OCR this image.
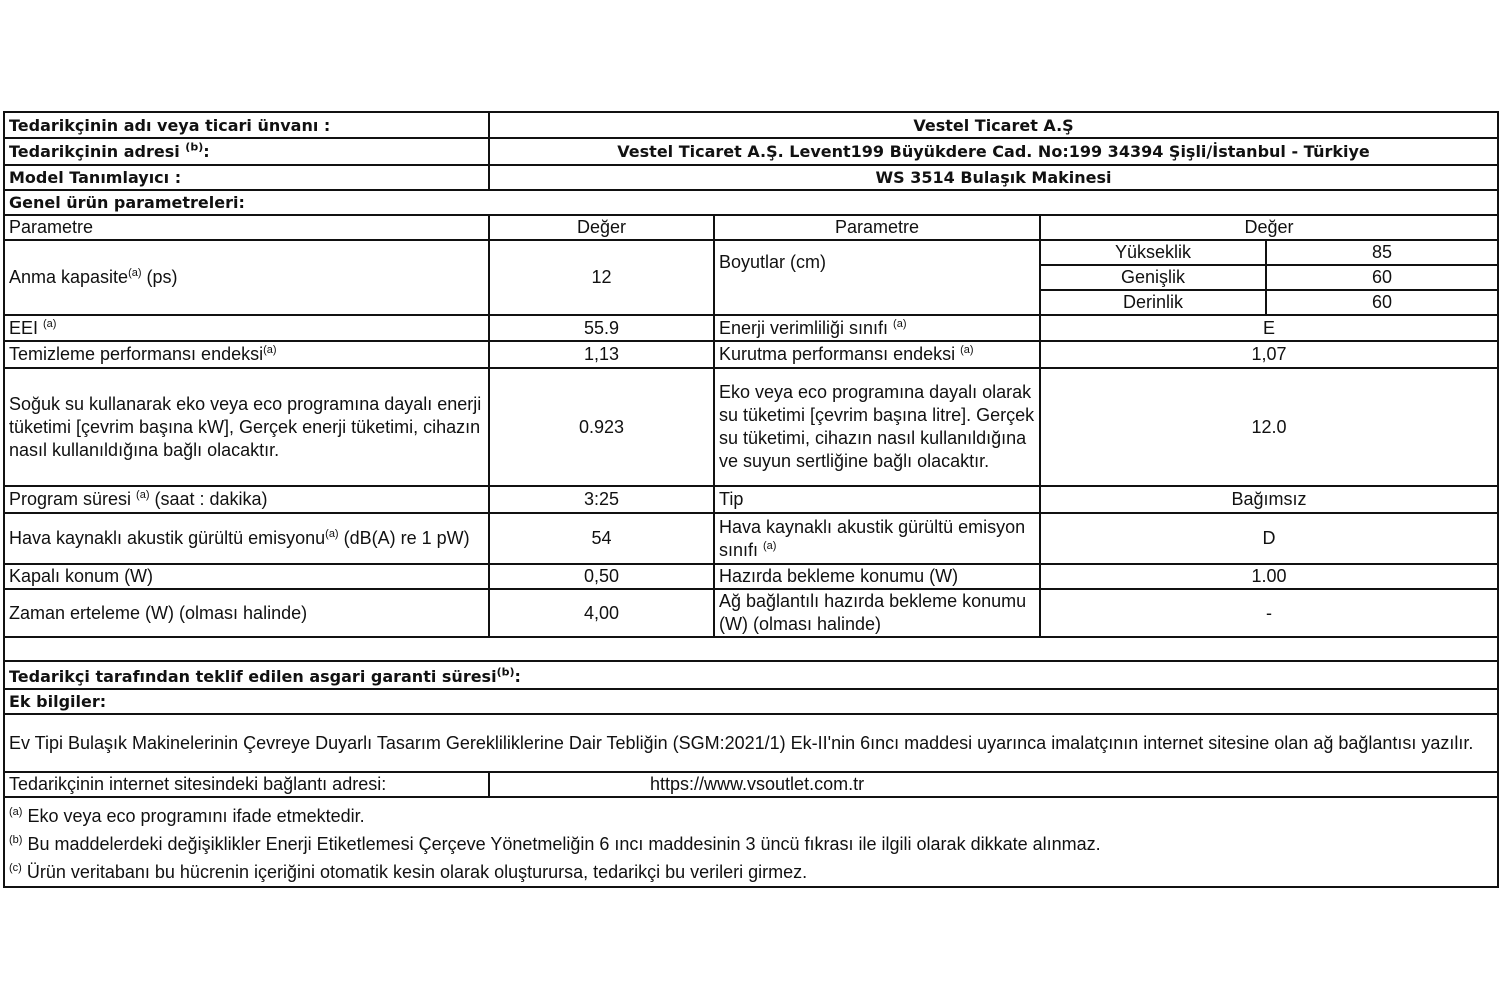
Tedarikçinin adı veya ticari ünvanı :	Vestel Ticaret A.Ş			
Tedarikçinin adresi $^{(b)}$:	Vestel Ticaret A.Ş. Levent199 Büyükdere Cad. No:199 34394 Şişli/İstanbul - Türkiye			
Model Tanımlayıcı :	WS 3514 Bulaşık Makinesi			
Genel ürün parametreleri:				
Parametre	Değer	Parametre	Değer	
Anma kapasite$^{(a)}$ (ps)	12	Boyutlar (cm)	Yükseklik	85
			Genişlik	60
			Derinlik	60
EEI $^{(a)}$	55.9	Enerji verimliliği sınıfı $^{(a)}$	E	
Temizleme performansı endeksi$^{(a)}$	1,13	Kurutma performansı endeksi $^{(a)}$	1,07	
Soğuk su kullanarak eko veya eco programına dayalı enerji tüketimi [çevrim başına kW], Gerçek enerji tüketimi, cihazın nasıl kullanıldığına bağlı olacaktır.	0.923	Eko veya eco programına dayalı olarak su tüketimi [çevrim başına litre]. Gerçek su tüketimi, cihazın nasıl kullanıldığına ve suyun sertliğine bağlı olacaktır.	12.0	
Program süresi $^{(a)}$ (saat : dakika)	3:25	Tip	Bağımsız	
Hava kaynaklı akustik gürültü emisyonu$^{(a)}$ (dB(A) re 1 pW)	54	Hava kaynaklı akustik gürültü emisyon sınıfı $^{(a)}$	D	
Kapalı konum (W)	0,50	Hazırda bekleme konumu (W)	1.00	
Zaman erteleme (W) (olması halinde)	4,00	Ağ bağlantılı hazırda bekleme konumu (W) (olması halinde)	-	

Tedarikçi tarafından teklif edilen asgari garanti süresi$^{(b)}$:				
Ek bilgiler:				
Ev Tipi Bulaşık Makinelerinin Çevreye Duyarlı Tasarım Gerekliliklerine Dair Tebliğin (SGM:2021/1) Ek-II'nin 6ıncı maddesi uyarınca imalatçının internet sitesine olan ağ bağlantısı yazılır.				
Tedarikçinin internet sitesindeki bağlantı adresi:	https://www.vsoutlet.com.tr			

$^{(a)}$ Eko veya eco programını ifade etmektedir.
$^{(b)}$ Bu maddelerdeki değişiklikler Enerji Etiketlemesi Çerçeve Yönetmeliğin 6 ıncı maddesinin 3 üncü fıkrası ile ilgili olarak dikkate alınmaz.
$^{(c)}$ Ürün veritabanı bu hücrenin içeriğini otomatik kesin olarak oluşturursa, tedarikçi bu verileri girmez.				
